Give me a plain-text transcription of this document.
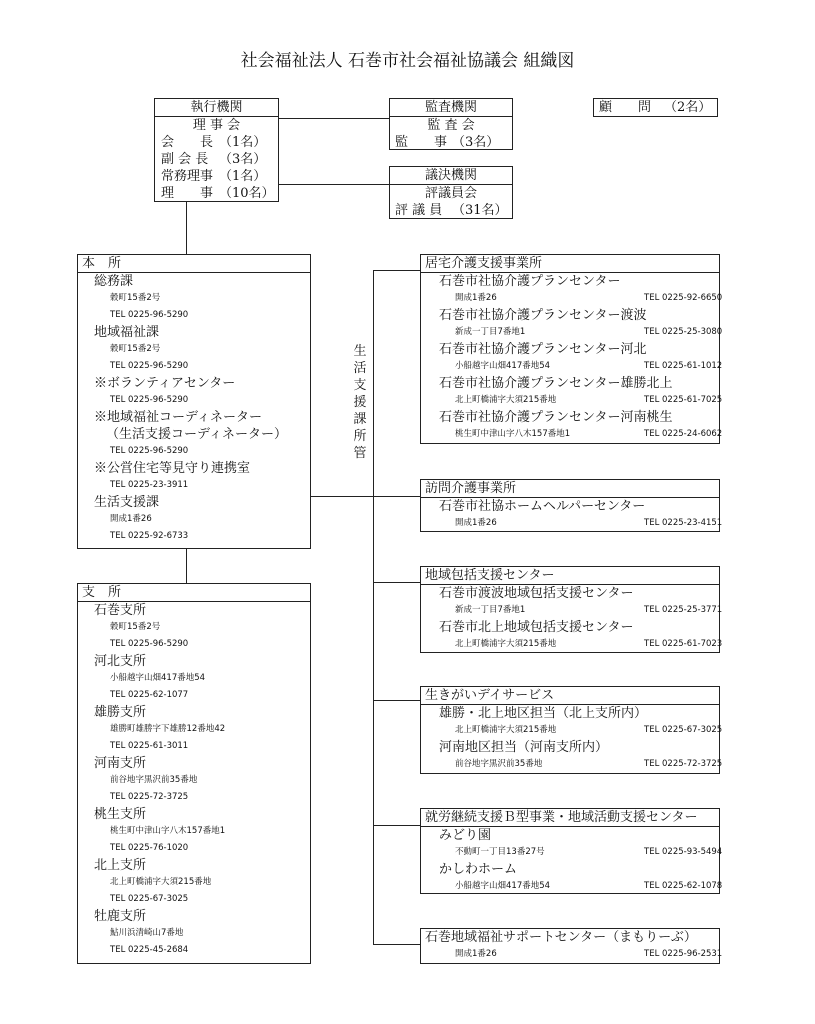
社会福祉法人 石巻市社会福祉協議会 組織図
執行機関
理 事 会
会　　長 （1名）
副 会 長 （3名）
常務理事 （1名）
理　　事 （10名）
監査機関
監 査 会
監　　事 （3名）
議決機関
評議員会
評 議 員 （31名）
顧　　問 （2名）
生
活
支
援
課
所
管
本　所
総務課
穀町15番2号
TEL 0225-96-5290
地域福祉課
穀町15番2号
TEL 0225-96-5290
※ボランティアセンター
TEL 0225-96-5290
※地域福祉コーディネーター
（生活支援コーディネーター）
TEL 0225-96-5290
※公営住宅等見守り連携室
TEL 0225-23-3911
生活支援課
開成1番26
TEL 0225-92-6733
支　所
石巻支所
穀町15番2号
TEL 0225-96-5290
河北支所
小船越字山畑417番地54
TEL 0225-62-1077
雄勝支所
雄勝町雄勝字下雄勝12番地42
TEL 0225-61-3011
河南支所
前谷地字黒沢前35番地
TEL 0225-72-3725
桃生支所
桃生町中津山字八木157番地1
TEL 0225-76-1020
北上支所
北上町橋浦字大須215番地
TEL 0225-67-3025
牡鹿支所
鮎川浜清崎山7番地
TEL 0225-45-2684
居宅介護支援事業所
石巻市社協介護プランセンター
開成1番26	TEL 0225-92-6650
石巻市社協介護プランセンター渡波
新成一丁目7番地1	TEL 0225-25-3080
石巻市社協介護プランセンター河北
小船越字山畑417番地54	TEL 0225-61-1012
石巻市社協介護プランセンター雄勝北上
北上町橋浦字大須215番地	TEL 0225-61-7025
石巻市社協介護プランセンター河南桃生
桃生町中津山字八木157番地1	TEL 0225-24-6062
訪問介護事業所
石巻市社協ホームヘルパーセンター
開成1番26	TEL 0225-23-4151
地域包括支援センター
石巻市渡波地域包括支援センター
新成一丁目7番地1	TEL 0225-25-3771
石巻市北上地域包括支援センター
北上町橋浦字大須215番地	TEL 0225-61-7023
生きがいデイサービス
雄勝・北上地区担当（北上支所内）
北上町橋浦字大須215番地	TEL 0225-67-3025
河南地区担当（河南支所内）
前谷地字黒沢前35番地	TEL 0225-72-3725
就労継続支援Ｂ型事業・地域活動支援センター
みどり園
不動町一丁目13番27号	TEL 0225-93-5494
かしわホーム
小船越字山畑417番地54	TEL 0225-62-1078
石巻地域福祉サポートセンター（まもりーぶ）
開成1番26	TEL 0225-96-2531
